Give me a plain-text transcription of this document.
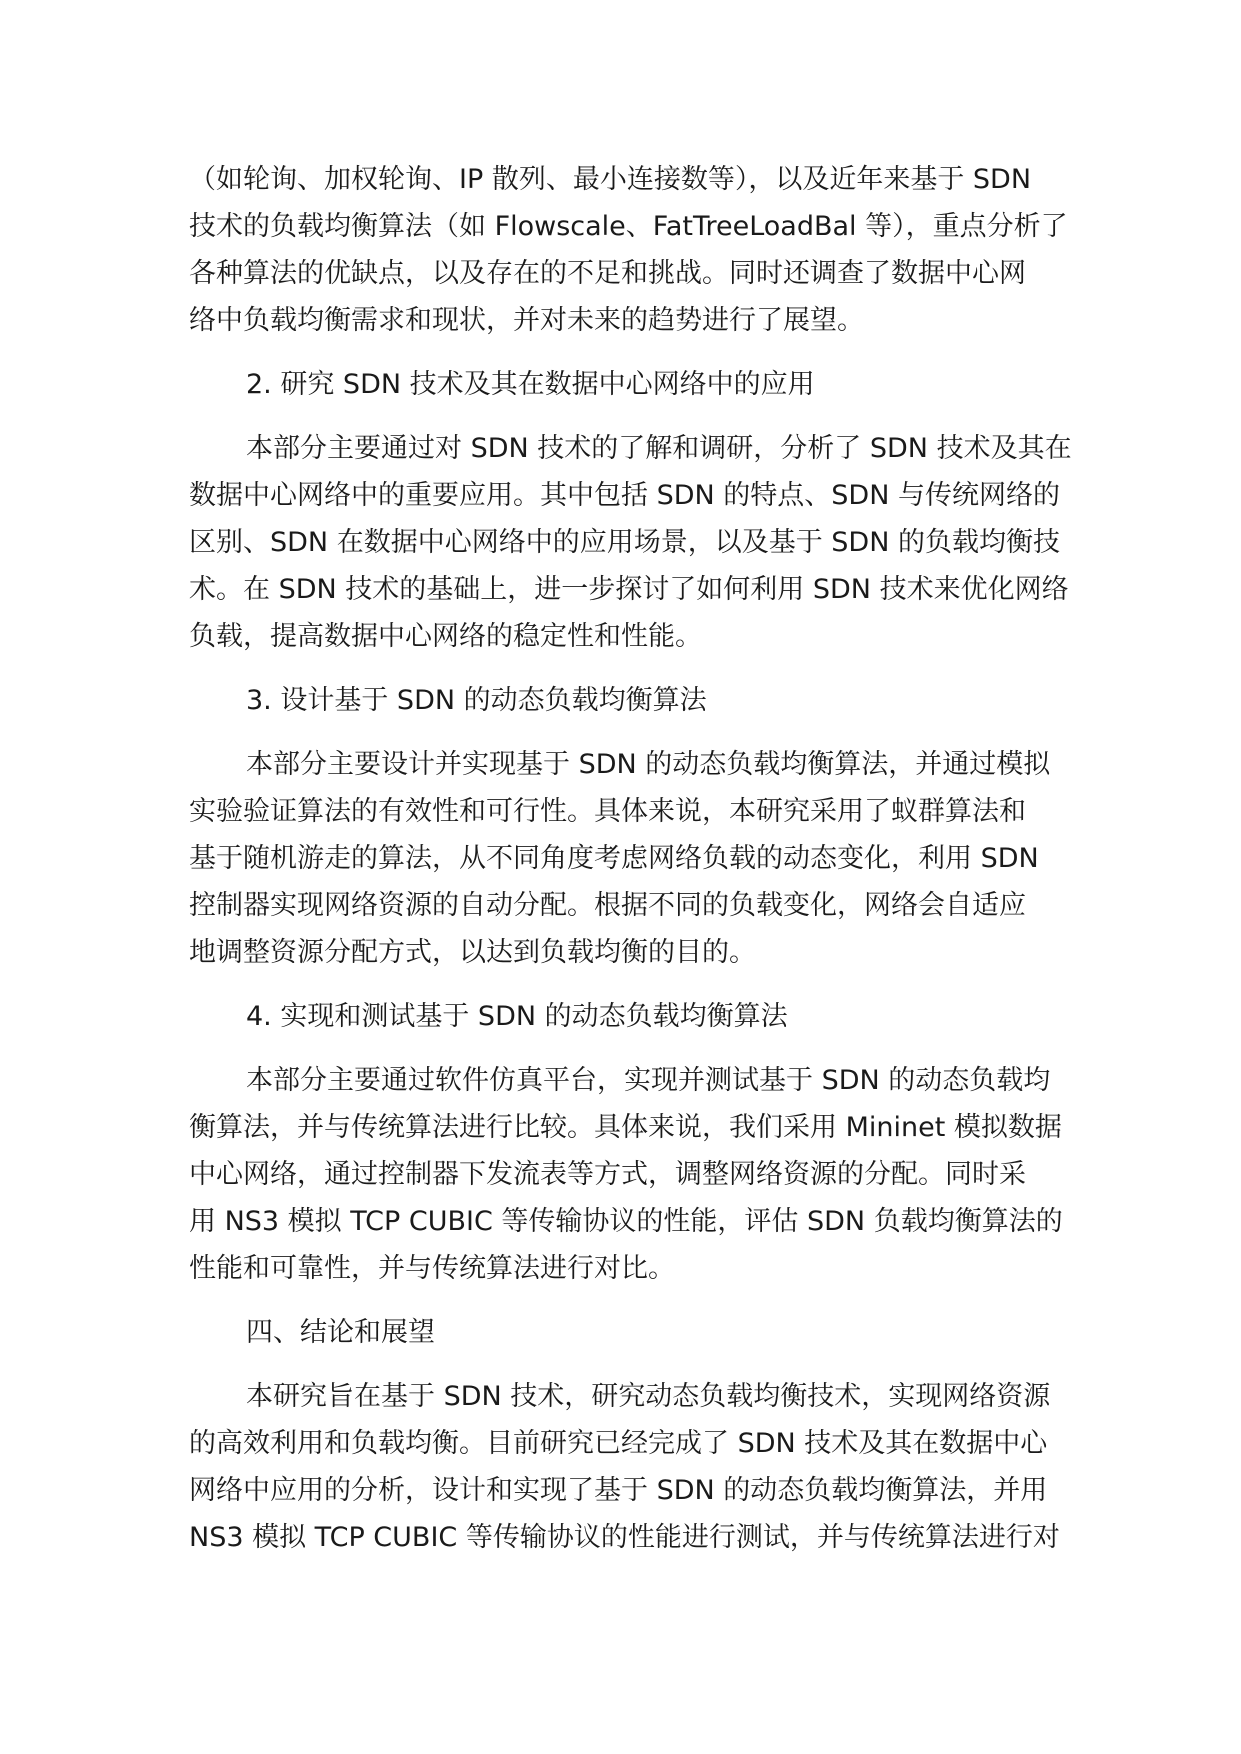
（如轮询、加权轮询、IP 散列、最小连接数等），以及近年来基于 SDN
技术的负载均衡算法（如 Flowscale、FatTreeLoadBal 等），重点分析了
各种算法的优缺点，以及存在的不足和挑战。同时还调查了数据中心网
络中负载均衡需求和现状，并对未来的趋势进行了展望。
2. 研究 SDN 技术及其在数据中心网络中的应用
本部分主要通过对 SDN 技术的了解和调研，分析了 SDN 技术及其在
数据中心网络中的重要应用。其中包括 SDN 的特点、SDN 与传统网络的
区别、SDN 在数据中心网络中的应用场景，以及基于 SDN 的负载均衡技
术。在 SDN 技术的基础上，进一步探讨了如何利用 SDN 技术来优化网络
负载，提高数据中心网络的稳定性和性能。
3. 设计基于 SDN 的动态负载均衡算法
本部分主要设计并实现基于 SDN 的动态负载均衡算法，并通过模拟
实验验证算法的有效性和可行性。具体来说，本研究采用了蚁群算法和
基于随机游走的算法，从不同角度考虑网络负载的动态变化，利用 SDN
控制器实现网络资源的自动分配。根据不同的负载变化，网络会自适应
地调整资源分配方式，以达到负载均衡的目的。
4. 实现和测试基于 SDN 的动态负载均衡算法
本部分主要通过软件仿真平台，实现并测试基于 SDN 的动态负载均
衡算法，并与传统算法进行比较。具体来说，我们采用 Mininet 模拟数据
中心网络，通过控制器下发流表等方式，调整网络资源的分配。同时采
用 NS3 模拟 TCP CUBIC 等传输协议的性能，评估 SDN 负载均衡算法的
性能和可靠性，并与传统算法进行对比。
四、结论和展望
本研究旨在基于 SDN 技术，研究动态负载均衡技术，实现网络资源
的高效利用和负载均衡。目前研究已经完成了 SDN 技术及其在数据中心
网络中应用的分析，设计和实现了基于 SDN 的动态负载均衡算法，并用
NS3 模拟 TCP CUBIC 等传输协议的性能进行测试，并与传统算法进行对
